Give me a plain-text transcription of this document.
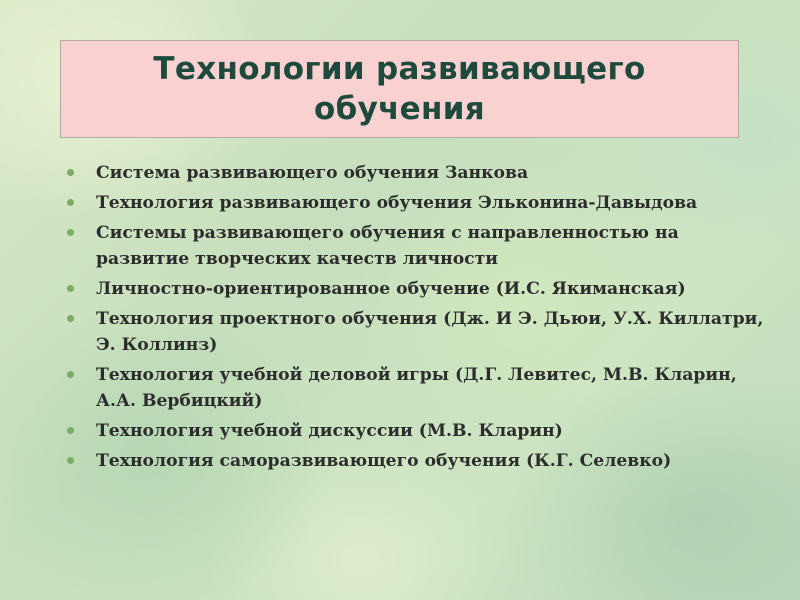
Технологии развивающего обучения
Система развивающего обучения Занкова
Технология развивающего обучения Эльконина-Давыдова
Системы развивающего обучения с направленностью на развитие творческих качеств личности
Личностно-ориентированное обучение (И.С. Якиманская)
Технология проектного обучения (Дж. И Э. Дьюи, У.Х. Киллатри, Э. Коллинз)
Технология учебной деловой игры (Д.Г. Левитес, М.В. Кларин, А.А. Вербицкий)
Технология учебной дискуссии (М.В. Кларин)
Технология саморазвивающего обучения (К.Г. Селевко)
